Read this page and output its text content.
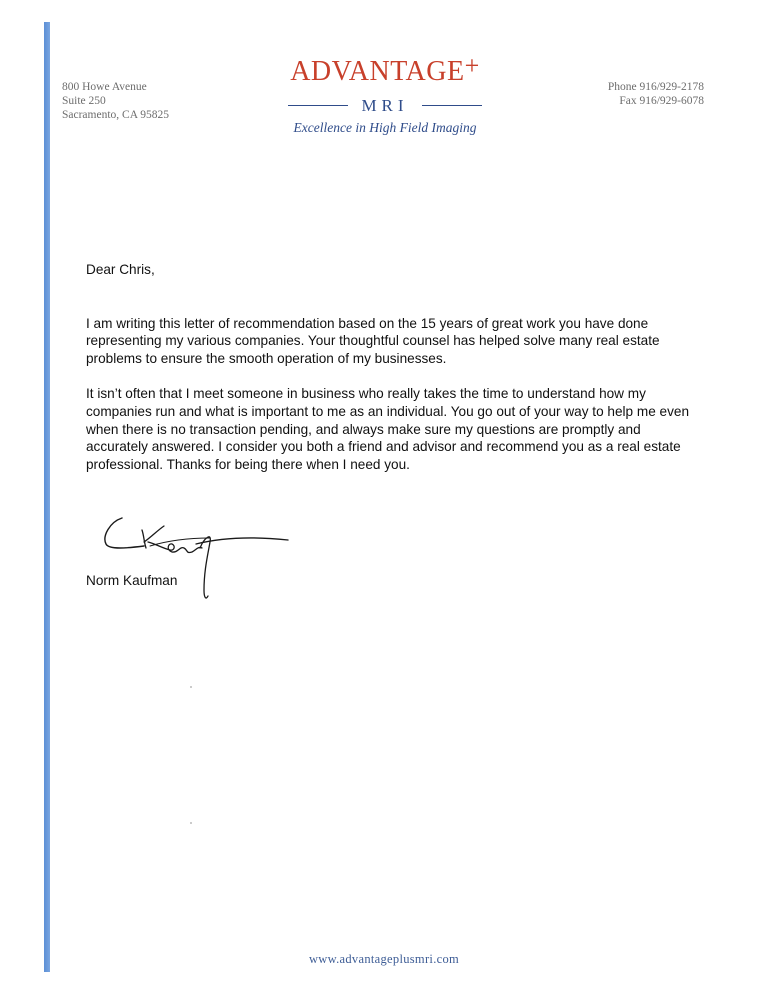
800 Howe Avenue
Suite 250
Sacramento, CA 95825
ADVANTAGE+
MRI
Excellence in High Field Imaging
Phone 916/929-2178
Fax 916/929-6078

Dear Chris,

I am writing this letter of recommendation based on the 15 years of great work you have done representing my various companies. Your thoughtful counsel has helped solve many real estate problems to ensure the smooth operation of my businesses.

It isn’t often that I meet someone in business who really takes the time to understand how my companies run and what is important to me as an individual. You go out of your way to help me even when there is no transaction pending, and always make sure my questions are promptly and accurately answered. I consider you both a friend and advisor and recommend you as a real estate professional. Thanks for being there when I need you.

Norm Kaufman
www.advantageplusmri.com
